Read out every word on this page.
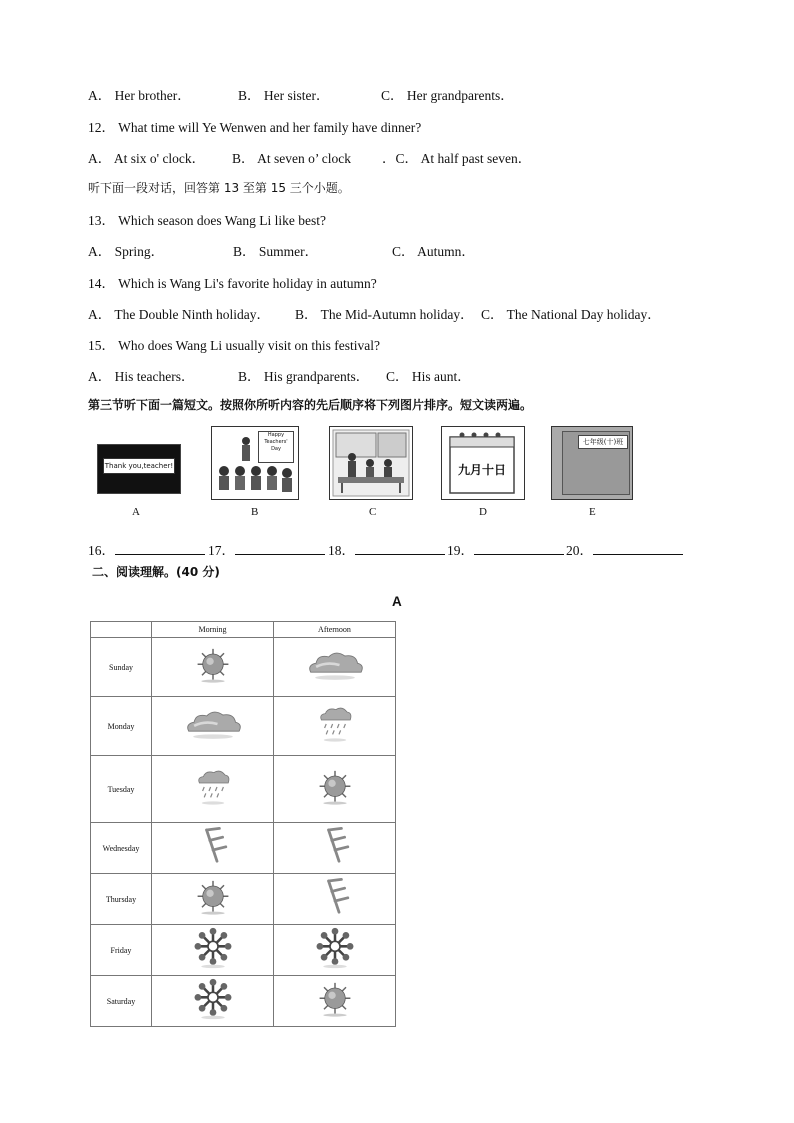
A． Her brother．	B． Her sister．	C． Her grandparents．
12． What time will Ye Wenwen and her family have dinner?
A． At six o' clock． B． At seven o’ clock ．C． At half past seven．
听下面一段对话，回答第 13 至第 15 三个小题。
13． Which season does Wang Li like best?
A． Spring．	B． Summer．	C． Autumn．
14． Which is Wang Li's favorite holiday in autumn?
A． The Double Ninth holiday． B． The Mid-Autumn holiday． C． The National Day holiday．
15． Who does Wang Li usually visit on this festival?
A． His teachers．	B． His grandparents． C． His aunt．
第三节听下面一篇短文。按照你所听内容的先后顺序将下列图片排序。短文读两遍。
Thank you,teacher!
A
Happy
Teachers'
Day
B	C
九月十日
D
七年级(十)班
E
16．	17．	18．	19．	20．
二、阅读理解。(40 分)
A
	Morning	Afternoon
Sunday		
Monday		
Tuesday		
Wednesday		
Thursday		
Friday		
Saturday		
